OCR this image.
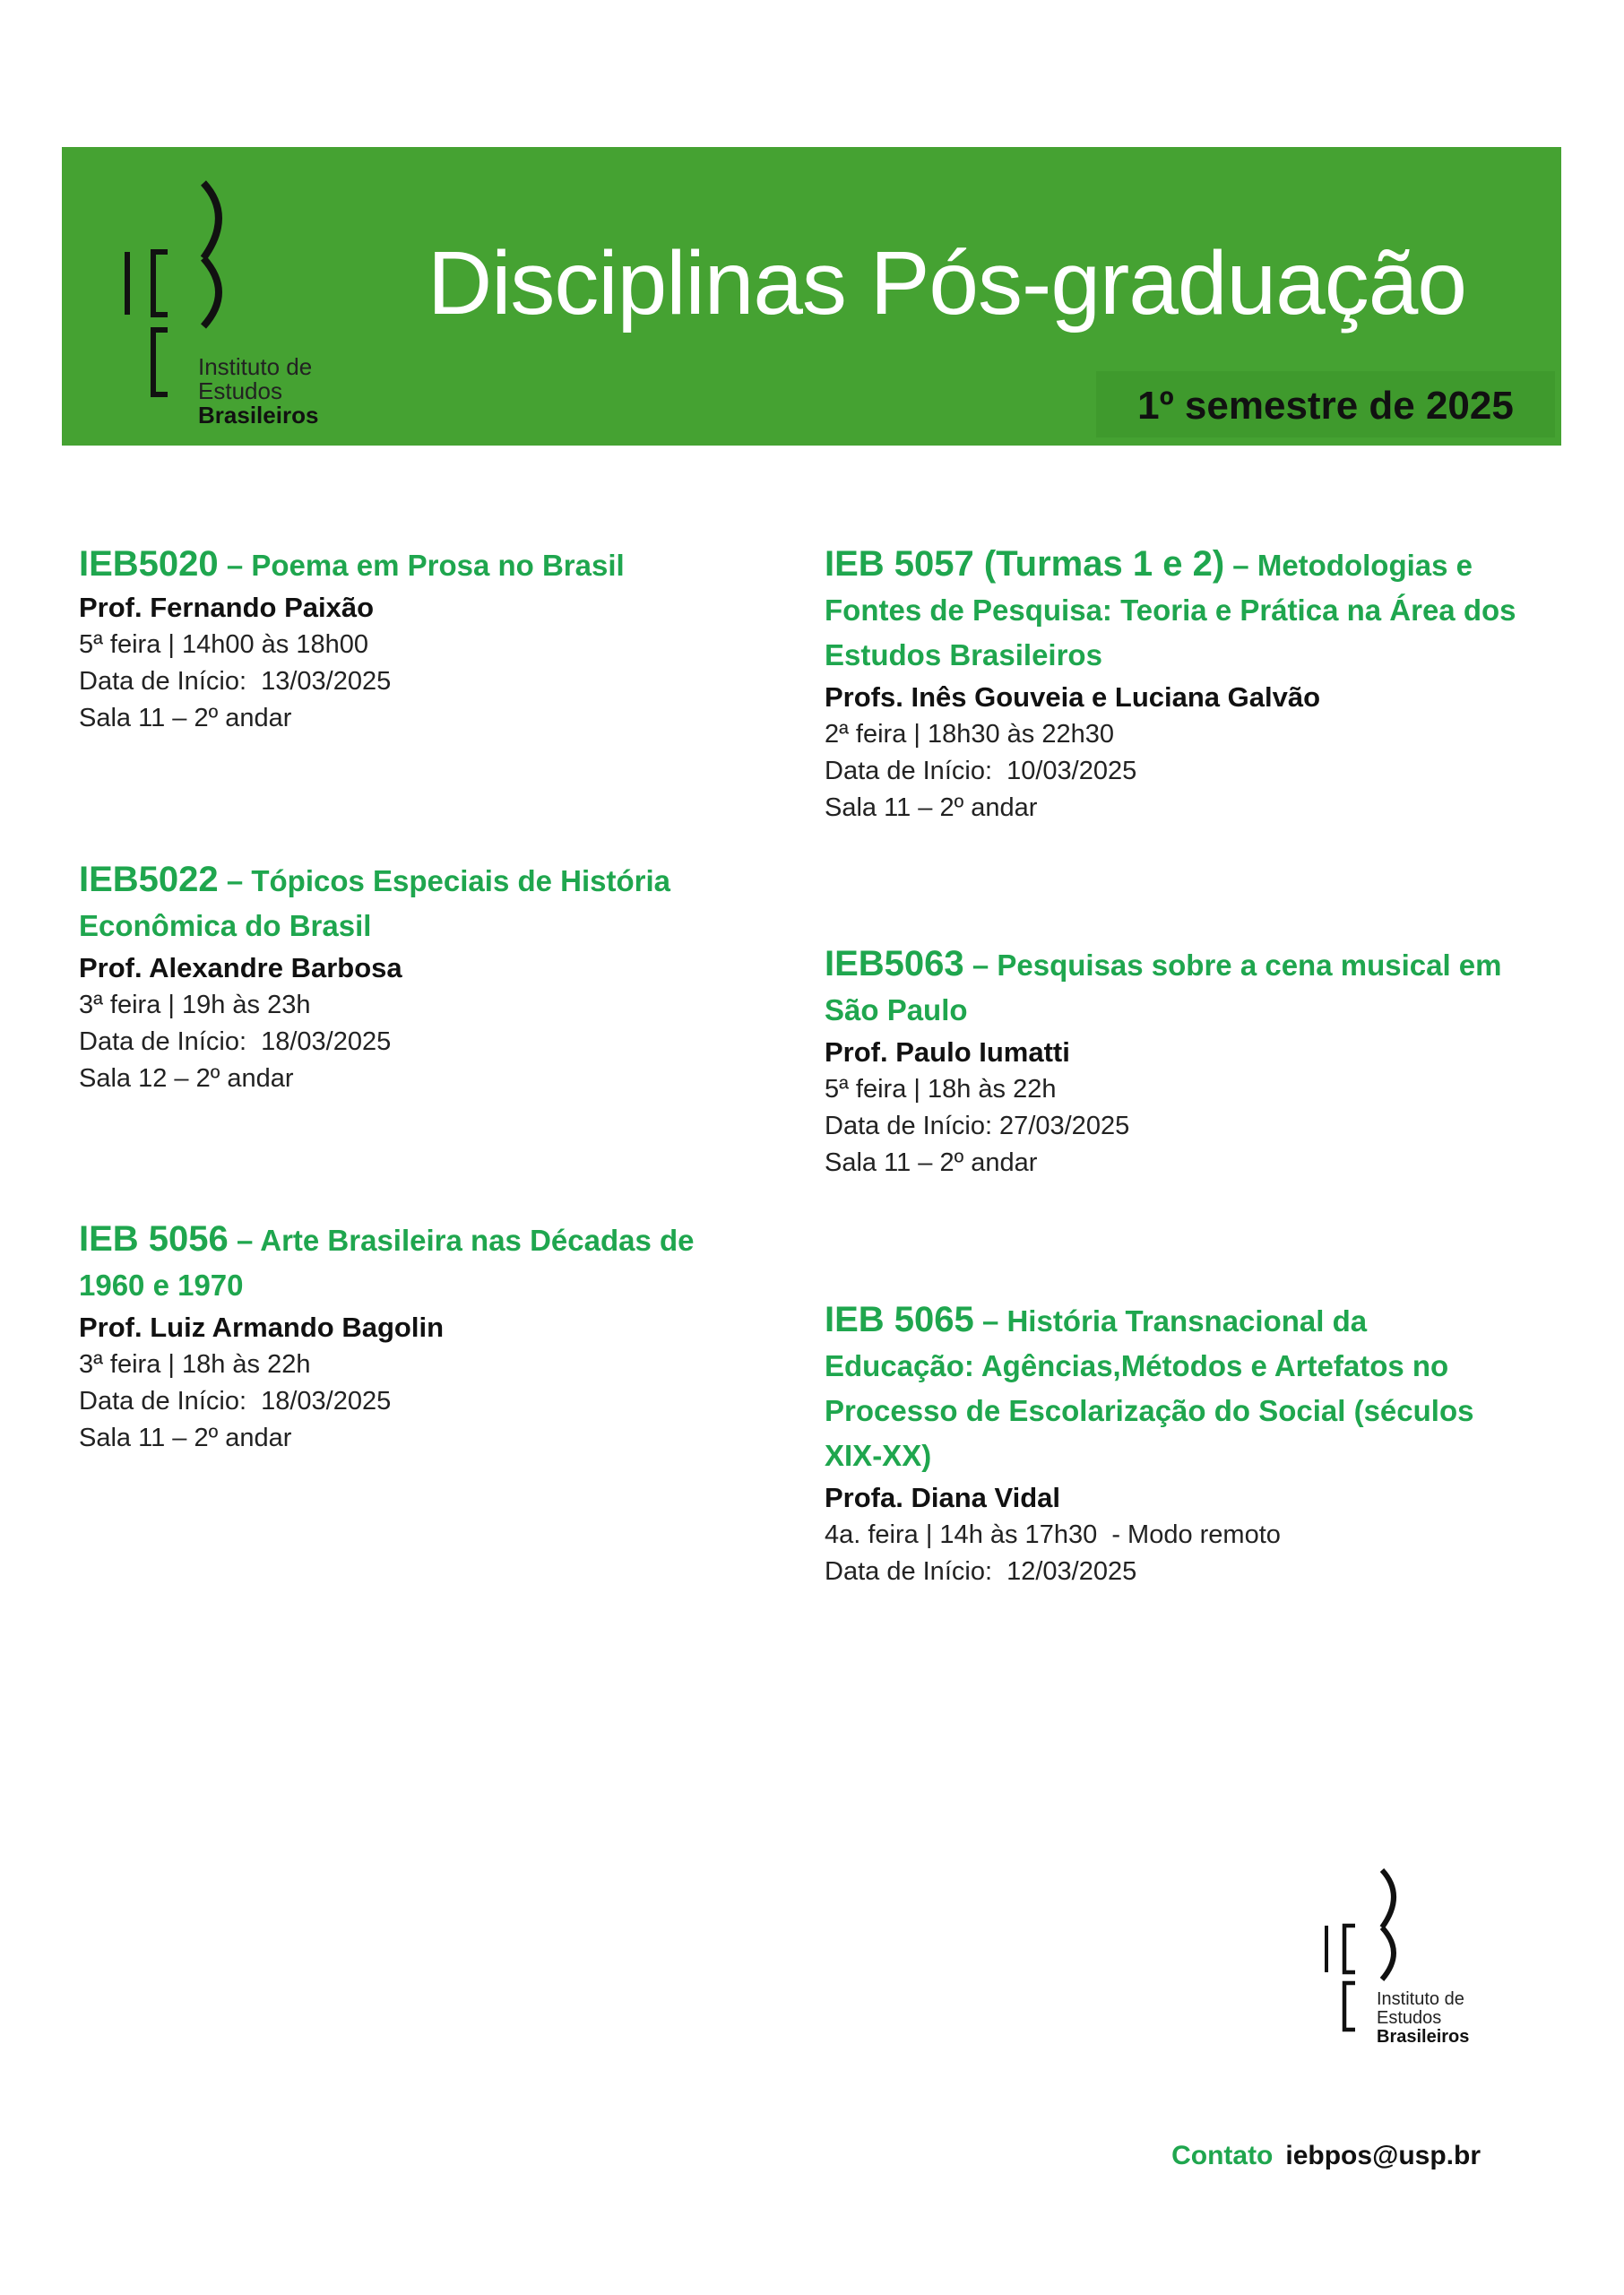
Instituto de
Estudos
Brasileiros
Disciplinas Pós-graduação
1º semestre de 2025
IEB5020 – Poema em Prosa no Brasil
Prof. Fernando Paixão
5ª feira | 14h00 às 18h00
Data de Início:  13/03/2025
Sala 11 – 2º andar
IEB5022 – Tópicos Especiais de História Econômica do Brasil
Prof. Alexandre Barbosa
3ª feira | 19h às 23h
Data de Início:  18/03/2025
Sala 12 – 2º andar
IEB 5056 – Arte Brasileira nas Décadas de 1960 e 1970
Prof. Luiz Armando Bagolin
3ª feira | 18h às 22h
Data de Início:  18/03/2025
Sala 11 – 2º andar
IEB 5057 (Turmas 1 e 2) – Metodologias e Fontes de Pesquisa: Teoria e Prática na Área dos Estudos Brasileiros
Profs. Inês Gouveia e Luciana Galvão
2ª feira | 18h30 às 22h30
Data de Início:  10/03/2025
Sala 11 – 2º andar
IEB5063 – Pesquisas sobre a cena musical em São Paulo
Prof. Paulo Iumatti
5ª feira | 18h às 22h
Data de Início: 27/03/2025
Sala 11 – 2º andar
IEB 5065 – História Transnacional da Educação: Agências,Métodos e Artefatos no Processo de Escolarização do Social (séculos XIX-XX)
Profa. Diana Vidal
4a. feira | 14h às 17h30  - Modo remoto
Data de Início:  12/03/2025
Instituto de
Estudos
Brasileiros
Contato iebpos@usp.br
